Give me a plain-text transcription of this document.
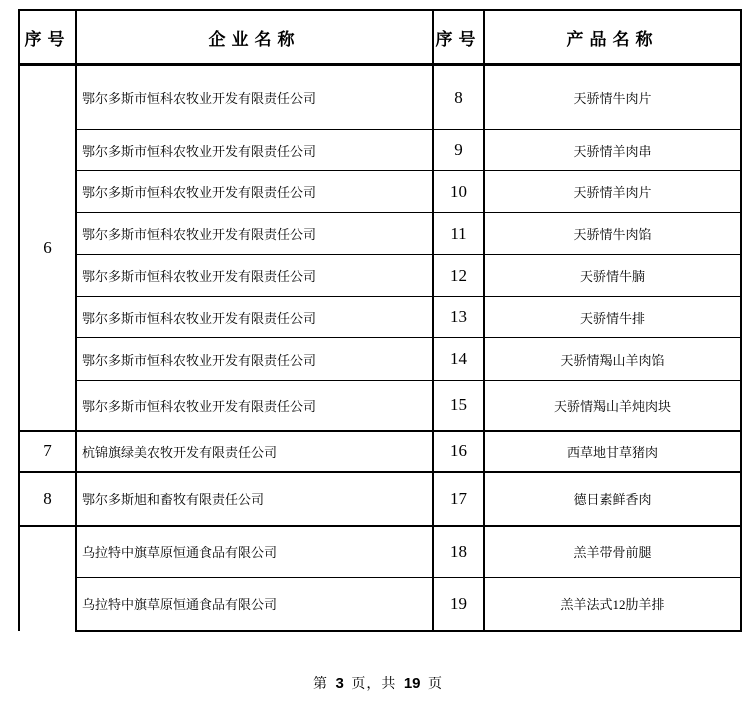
序号	企业名称	序号	产品名称
6	鄂尔多斯市恒科农牧业开发有限责任公司	8	天骄情牛肉片
	鄂尔多斯市恒科农牧业开发有限责任公司	9	天骄情羊肉串
	鄂尔多斯市恒科农牧业开发有限责任公司	10	天骄情羊肉片
	鄂尔多斯市恒科农牧业开发有限责任公司	11	天骄情牛肉馅
	鄂尔多斯市恒科农牧业开发有限责任公司	12	天骄情牛腩
	鄂尔多斯市恒科农牧业开发有限责任公司	13	天骄情牛排
	鄂尔多斯市恒科农牧业开发有限责任公司	14	天骄情羯山羊肉馅
	鄂尔多斯市恒科农牧业开发有限责任公司	15	天骄情羯山羊炖肉块
7	杭锦旗绿美农牧开发有限责任公司	16	西草地甘草猪肉
8	鄂尔多斯旭和畜牧有限责任公司	17	德日素鲜香肉
	乌拉特中旗草原恒通食品有限公司	18	羔羊带骨前腿
	乌拉特中旗草原恒通食品有限公司	19	羔羊法式12肋羊排
第 3 页，共 19 页
